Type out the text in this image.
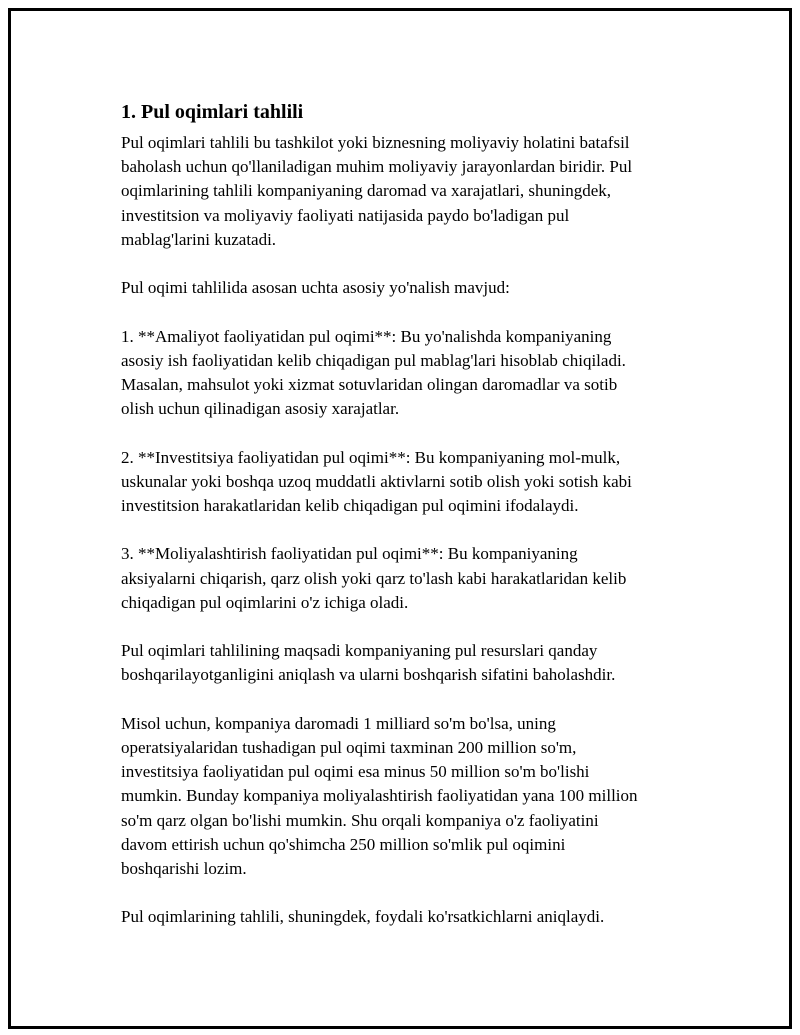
1. Pul oqimlari tahlili

Pul oqimlari tahlili bu tashkilot yoki biznesning moliyaviy holatini batafsil
baholash uchun qo'llaniladigan muhim moliyaviy jarayonlardan biridir. Pul
oqimlarining tahlili kompaniyaning daromad va xarajatlari, shuningdek,
investitsion va moliyaviy faoliyati natijasida paydo bo'ladigan pul
mablag'larini kuzatadi.

Pul oqimi tahlilida asosan uchta asosiy yo'nalish mavjud:

1. **Amaliyot faoliyatidan pul oqimi**: Bu yo'nalishda kompaniyaning
asosiy ish faoliyatidan kelib chiqadigan pul mablag'lari hisoblab chiqiladi.
Masalan, mahsulot yoki xizmat sotuvlaridan olingan daromadlar va sotib
olish uchun qilinadigan asosiy xarajatlar.

2. **Investitsiya faoliyatidan pul oqimi**: Bu kompaniyaning mol-mulk,
uskunalar yoki boshqa uzoq muddatli aktivlarni sotib olish yoki sotish kabi
investitsion harakatlaridan kelib chiqadigan pul oqimini ifodalaydi.

3. **Moliyalashtirish faoliyatidan pul oqimi**: Bu kompaniyaning
aksiyalarni chiqarish, qarz olish yoki qarz to'lash kabi harakatlaridan kelib
chiqadigan pul oqimlarini o'z ichiga oladi.

Pul oqimlari tahlilining maqsadi kompaniyaning pul resurslari qanday
boshqarilayotganligini aniqlash va ularni boshqarish sifatini baholashdir.

Misol uchun, kompaniya daromadi 1 milliard so'm bo'lsa, uning
operatsiyalaridan tushadigan pul oqimi taxminan 200 million so'm,
investitsiya faoliyatidan pul oqimi esa minus 50 million so'm bo'lishi
mumkin. Bunday kompaniya moliyalashtirish faoliyatidan yana 100 million
so'm qarz olgan bo'lishi mumkin. Shu orqali kompaniya o'z faoliyatini
davom ettirish uchun qo'shimcha 250 million so'mlik pul oqimini
boshqarishi lozim.

Pul oqimlarining tahlili, shuningdek, foydali ko'rsatkichlarni aniqlaydi.
